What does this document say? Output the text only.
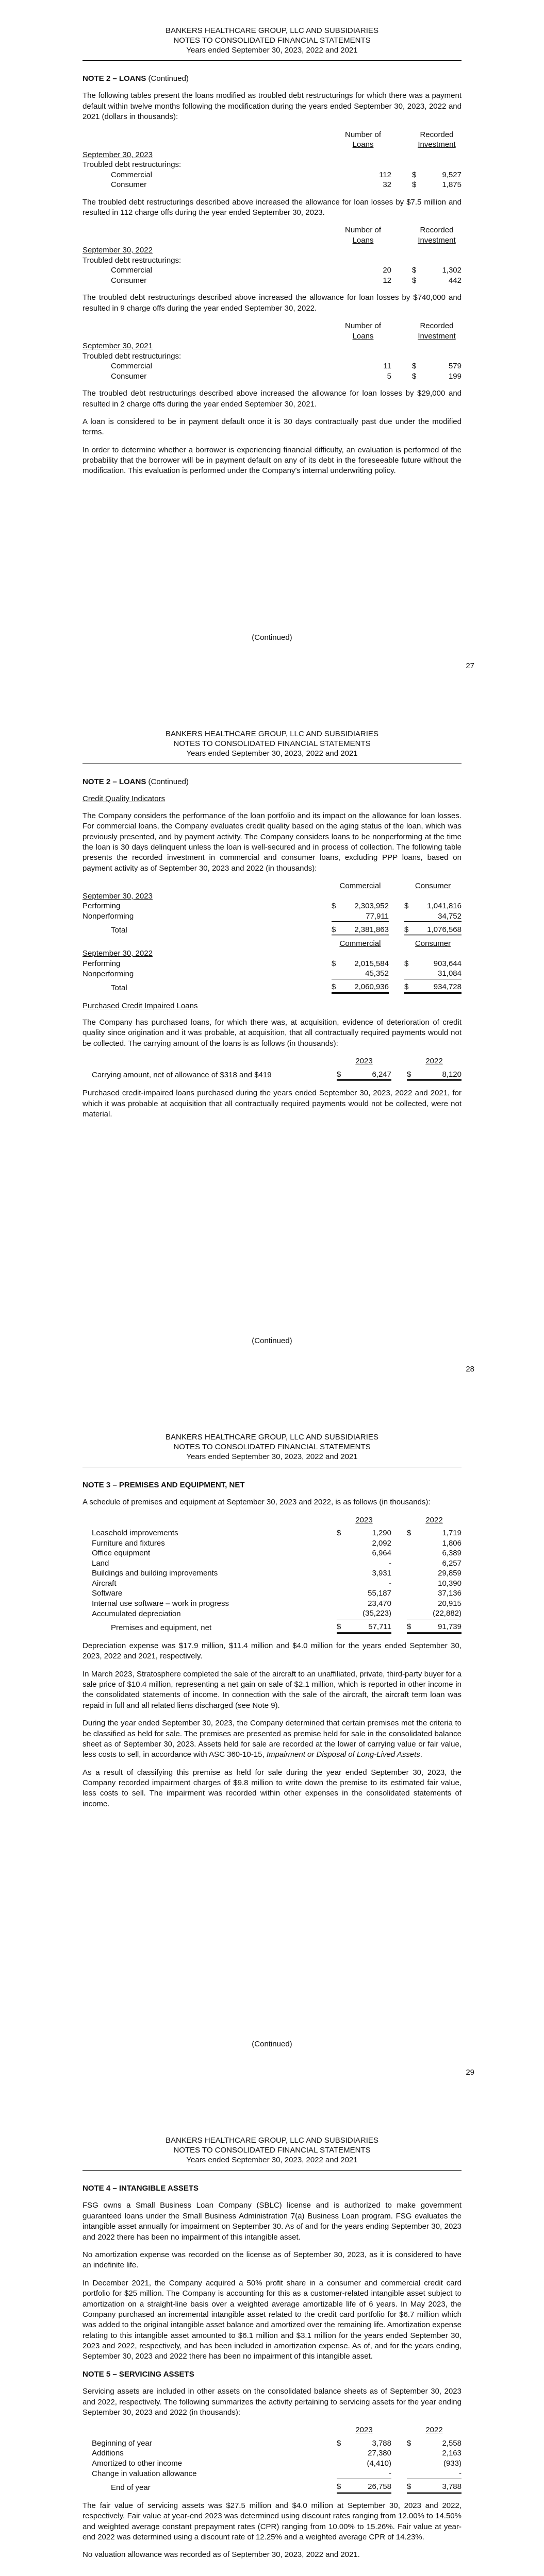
BANKERS HEALTHCARE GROUP, LLC AND SUBSIDIARIES
NOTES TO CONSOLIDATED FINANCIAL STATEMENTS
Years ended September 30, 2023, 2022 and 2021
NOTE 2 – LOANS (Continued)

The following tables present the loans modified as troubled debt restructurings for which there was a payment default within twelve months following the modification during the years ended September 30, 2023, 2022 and 2021 (dollars in thousands):

	Number of		Recorded	
	Loans		Investment	
September 30, 2023				
Troubled debt restructurings:				
Commercial	112		$	9,527
Consumer	32		$	1,875

The troubled debt restructurings described above increased the allowance for loan losses by $7.5 million and resulted in 112 charge offs during the year ended September 30, 2023.

	Number of		Recorded	
	Loans		Investment	
September 30, 2022				
Troubled debt restructurings:				
Commercial	20		$	1,302
Consumer	12		$	442

The troubled debt restructurings described above increased the allowance for loan losses by $740,000 and resulted in 9 charge offs during the year ended September 30, 2022.

	Number of		Recorded	
	Loans		Investment	
September 30, 2021				
Troubled debt restructurings:				
Commercial	11		$	579
Consumer	5		$	199

The troubled debt restructurings described above increased the allowance for loan losses by $29,000 and resulted in 2 charge offs during the year ended September 30, 2021.

A loan is considered to be in payment default once it is 30 days contractually past due under the modified terms.

In order to determine whether a borrower is experiencing financial difficulty, an evaluation is performed of the probability that the borrower will be in payment default on any of its debt in the foreseeable future without the modification. This evaluation is performed under the Company's internal underwriting policy.

(Continued)
27
BANKERS HEALTHCARE GROUP, LLC AND SUBSIDIARIES
NOTES TO CONSOLIDATED FINANCIAL STATEMENTS
Years ended September 30, 2023, 2022 and 2021
NOTE 2 – LOANS (Continued)
Credit Quality Indicators

The Company considers the performance of the loan portfolio and its impact on the allowance for loan losses. For commercial loans, the Company evaluates credit quality based on the aging status of the loan, which was previously presented, and by payment activity. The Company considers loans to be nonperforming at the time the loan is 30 days delinquent unless the loan is well-secured and in process of collection. The following table presents the recorded investment in commercial and consumer loans, excluding PPP loans, based on payment activity as of September 30, 2023 and 2022 (in thousands):

	Commercial			Consumer	
September 30, 2023					
Performing	$	2,303,952		$	1,041,816
Nonperforming		77,911			34,752

Total	$	2,381,863		$	1,076,568

	Commercial			Consumer	
September 30, 2022					
Performing	$	2,015,584		$	903,644
Nonperforming		45,352			31,084

Total	$	2,060,936		$	934,728
Purchased Credit Impaired Loans

The Company has purchased loans, for which there was, at acquisition, evidence of deterioration of credit quality since origination and it was probable, at acquisition, that all contractually required payments would not be collected. The carrying amount of the loans is as follows (in thousands):

	2023			2022	

Carrying amount, net of allowance of $318 and $419	$	6,247		$	8,120

Purchased credit-impaired loans purchased during the years ended September 30, 2023, 2022 and 2021, for which it was probable at acquisition that all contractually required payments would not be collected, were not material.

(Continued)
28
BANKERS HEALTHCARE GROUP, LLC AND SUBSIDIARIES
NOTES TO CONSOLIDATED FINANCIAL STATEMENTS
Years ended September 30, 2023, 2022 and 2021
NOTE 3 – PREMISES AND EQUIPMENT, NET

A schedule of premises and equipment at September 30, 2023 and 2022, is as follows (in thousands):

	2023			2022	

Leasehold improvements	$	1,290		$	1,719
Furniture and fixtures		2,092			1,806
Office equipment		6,964			6,389
Land		-			6,257
Buildings and building improvements		3,931			29,859
Aircraft		-			10,390
Software		55,187			37,136
Internal use software – work in progress		23,470			20,915
Accumulated depreciation		(35,223)			(22,882)

Premises and equipment, net	$	57,711		$	91,739

Depreciation expense was $17.9 million, $11.4 million and $4.0 million for the years ended September 30, 2023, 2022 and 2021, respectively.

In March 2023, Stratosphere completed the sale of the aircraft to an unaffiliated, private, third-party buyer for a sale price of $10.4 million, representing a net gain on sale of $2.1 million, which is reported in other income in the consolidated statements of income. In connection with the sale of the aircraft, the aircraft term loan was repaid in full and all related liens discharged (see Note 9).

During the year ended September 30, 2023, the Company determined that certain premises met the criteria to be classified as held for sale. The premises are presented as premise held for sale in the consolidated balance sheet as of September 30, 2023. Assets held for sale are recorded at the lower of carrying value or fair value, less costs to sell, in accordance with ASC 360-10-15, Impairment or Disposal of Long-Lived Assets.

As a result of classifying this premise as held for sale during the year ended September 30, 2023, the Company recorded impairment charges of $9.8 million to write down the premise to its estimated fair value, less costs to sell. The impairment was recorded within other expenses in the consolidated statements of income.

(Continued)
29
BANKERS HEALTHCARE GROUP, LLC AND SUBSIDIARIES
NOTES TO CONSOLIDATED FINANCIAL STATEMENTS
Years ended September 30, 2023, 2022 and 2021
NOTE 4 – INTANGIBLE ASSETS

FSG owns a Small Business Loan Company (SBLC) license and is authorized to make government guaranteed loans under the Small Business Administration 7(a) Business Loan program. FSG evaluates the intangible asset annually for impairment on September 30. As of and for the years ending September 30, 2023 and 2022 there has been no impairment of this intangible asset.

No amortization expense was recorded on the license as of September 30, 2023, as it is considered to have an indefinite life.

In December 2021, the Company acquired a 50% profit share in a consumer and commercial credit card portfolio for $25 million. The Company is accounting for this as a customer-related intangible asset subject to amortization on a straight-line basis over a weighted average amortizable life of 6 years. In May 2023, the Company purchased an incremental intangible asset related to the credit card portfolio for $6.7 million which was added to the original intangible asset balance and amortized over the remaining life. Amortization expense relating to this intangible asset amounted to $6.1 million and $3.1 million for the years ended September 30, 2023 and 2022, respectively, and has been included in amortization expense. As of, and for the years ending, September 30, 2023 and 2022 there has been no impairment of this intangible asset.

NOTE 5 – SERVICING ASSETS

Servicing assets are included in other assets on the consolidated balance sheets as of September 30, 2023 and 2022, respectively. The following summarizes the activity pertaining to servicing assets for the year ending September 30, 2023 and 2022 (in thousands):

	2023			2022	

Beginning of year	$	3,788		$	2,558
Additions		27,380			2,163
Amortized to other income		(4,410)			(933)
Change in valuation allowance		-			-

End of year	$	26,758		$	3,788

The fair value of servicing assets was $27.5 million and $4.0 million at September 30, 2023 and 2022, respectively. Fair value at year-end 2023 was determined using discount rates ranging from 12.00% to 14.50% and weighted average constant prepayment rates (CPR) ranging from 10.00% to 15.26%. Fair value at year-end 2022 was determined using a discount rate of 12.25% and a weighted average CPR of 14.23%.

No valuation allowance was recorded as of September 30, 2023, 2022 and 2021.
